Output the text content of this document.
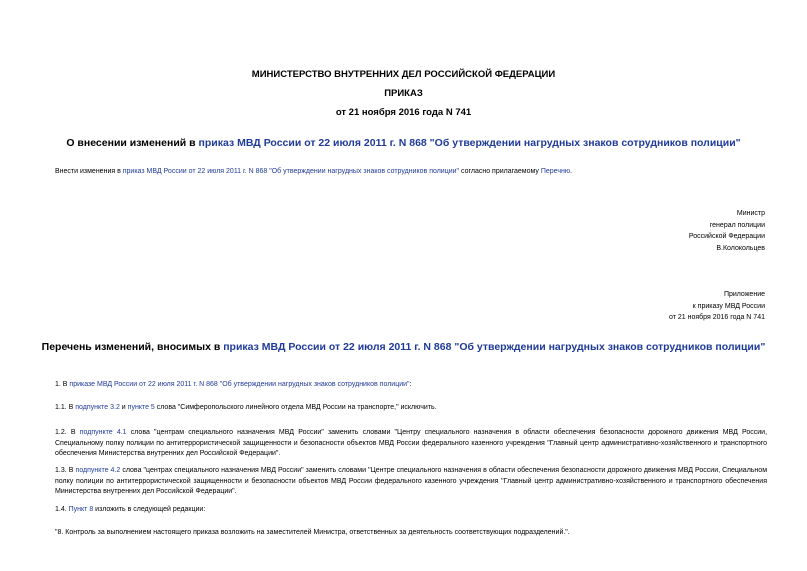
МИНИСТЕРСТВО ВНУТРЕННИХ ДЕЛ РОССИЙСКОЙ ФЕДЕРАЦИИ
ПРИКАЗ
от 21 ноября 2016 года N 741
О внесении изменений в приказ МВД России от 22 июля 2011 г. N 868 "Об утверждении нагрудных знаков сотрудников полиции"
Внести изменения в приказ МВД России от 22 июля 2011 г. N 868 "Об утверждении нагрудных знаков сотрудников полиции" согласно прилагаемому Перечню.
Министр
генерал полиции
Российской Федерации
В.Колокольцев
Приложение
к приказу МВД России
от 21 ноября 2016 года N 741
Перечень изменений, вносимых в приказ МВД России от 22 июля 2011 г. N 868 "Об утверждении нагрудных знаков сотрудников полиции"
1. В приказе МВД России от 22 июля 2011 г. N 868 "Об утверждении нагрудных знаков сотрудников полиции":
1.1. В подпункте 3.2 и пункте 5 слова "Симферопольского линейного отдела МВД России на транспорте," исключить.
1.2. В подпункте 4.1 слова "центрам специального назначения МВД России" заменить словами "Центру специального назначения в области обеспечения безопасности дорожного движения МВД России, Специальному полку полиции по антитеррористической защищенности и безопасности объектов МВД России федерального казенного учреждения "Главный центр административно-хозяйственного и транспортного обеспечения Министерства внутренних дел Российской Федерации".
1.3. В подпункте 4.2 слова "центрах специального назначения МВД России" заменить словами "Центре специального назначения в области обеспечения безопасности дорожного движения МВД России, Специальном полку полиции по антитеррористической защищенности и безопасности объектов МВД России федерального казенного учреждения "Главный центр административно-хозяйственного и транспортного обеспечения Министерства внутренних дел Российской Федерации".
1.4. Пункт 8 изложить в следующей редакции:
"8. Контроль за выполнением настоящего приказа возложить на заместителей Министра, ответственных за деятельность соответствующих подразделений.".
